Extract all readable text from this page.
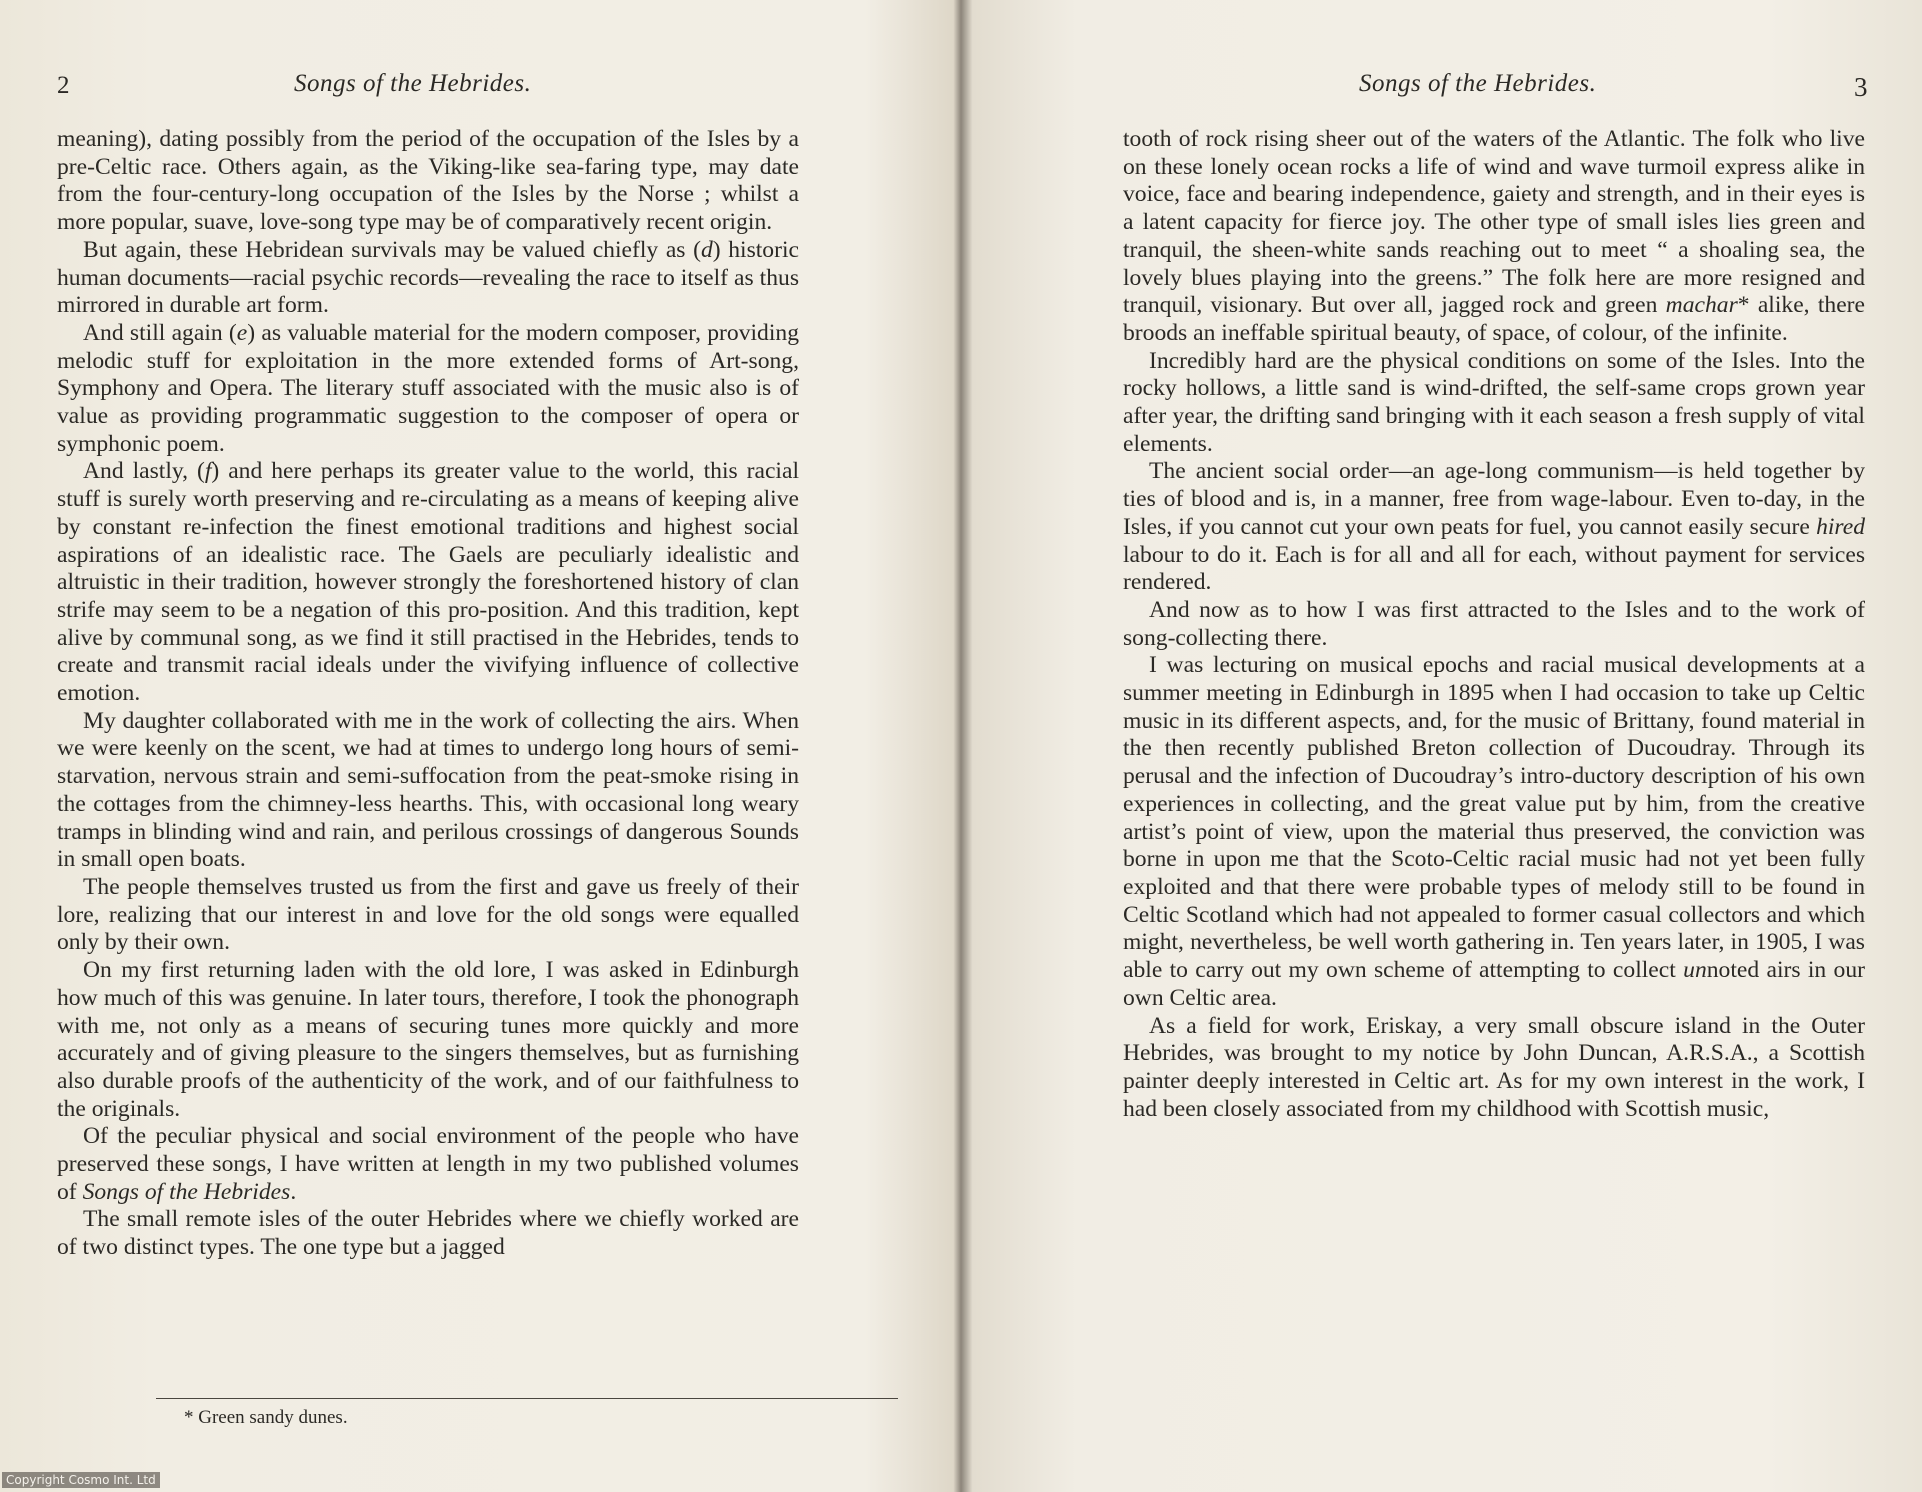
2	Songs of the Hebrides.

meaning), dating possibly from the period of the occupation of the Isles by a pre-Celtic race. Others again, as the Viking-like sea-faring type, may date from the four-century-long occupation of the Isles by the Norse ; whilst a more popular, suave, love-song type may be of comparatively recent origin.

But again, these Hebridean survivals may be valued chiefly as (d) historic human documents—racial psychic records—revealing the race to itself as thus mirrored in durable art form.

And still again (e) as valuable material for the modern composer, providing melodic stuff for exploitation in the more extended forms of Art-song, Symphony and Opera. The literary stuff associated with the music also is of value as providing programmatic suggestion to the composer of opera or symphonic poem.

And lastly, (f) and here perhaps its greater value to the world, this racial stuff is surely worth preserving and re-circulating as a means of keeping alive by constant re-infection the finest emotional traditions and highest social aspirations of an idealistic race. The Gaels are peculiarly idealistic and altruistic in their tradition, however strongly the foreshortened history of clan strife may seem to be a negation of this pro-position. And this tradition, kept alive by communal song, as we find it still practised in the Hebrides, tends to create and transmit racial ideals under the vivifying influence of collective emotion.

My daughter collaborated with me in the work of collecting the airs. When we were keenly on the scent, we had at times to undergo long hours of semi-starvation, nervous strain and semi-suffocation from the peat-smoke rising in the cottages from the chimney-less hearths. This, with occasional long weary tramps in blinding wind and rain, and perilous crossings of dangerous Sounds in small open boats.

The people themselves trusted us from the first and gave us freely of their lore, realizing that our interest in and love for the old songs were equalled only by their own.

On my first returning laden with the old lore, I was asked in Edinburgh how much of this was genuine. In later tours, therefore, I took the phonograph with me, not only as a means of securing tunes more quickly and more accurately and of giving pleasure to the singers themselves, but as furnishing also durable proofs of the authenticity of the work, and of our faithfulness to the originals.

Of the peculiar physical and social environment of the people who have preserved these songs, I have written at length in my two published volumes of Songs of the Hebrides.

The small remote isles of the outer Hebrides where we chiefly worked are of two distinct types. The one type but a jagged

Songs of the Hebrides.	3

tooth of rock rising sheer out of the waters of the Atlantic. The folk who live on these lonely ocean rocks a life of wind and wave turmoil express alike in voice, face and bearing independence, gaiety and strength, and in their eyes is a latent capacity for fierce joy. The other type of small isles lies green and tranquil, the sheen-white sands reaching out to meet “ a shoaling sea, the lovely blues playing into the greens.” The folk here are more resigned and tranquil, visionary. But over all, jagged rock and green machar* alike, there broods an ineffable spiritual beauty, of space, of colour, of the infinite.

Incredibly hard are the physical conditions on some of the Isles. Into the rocky hollows, a little sand is wind-drifted, the self-same crops grown year after year, the drifting sand bringing with it each season a fresh supply of vital elements.

The ancient social order—an age-long communism—is held together by ties of blood and is, in a manner, free from wage-labour. Even to-day, in the Isles, if you cannot cut your own peats for fuel, you cannot easily secure hired labour to do it. Each is for all and all for each, without payment for services rendered.

And now as to how I was first attracted to the Isles and to the work of song-collecting there.

I was lecturing on musical epochs and racial musical developments at a summer meeting in Edinburgh in 1895 when I had occasion to take up Celtic music in its different aspects, and, for the music of Brittany, found material in the then recently published Breton collection of Ducoudray. Through its perusal and the infection of Ducoudray’s intro-ductory description of his own experiences in collecting, and the great value put by him, from the creative artist’s point of view, upon the material thus preserved, the conviction was borne in upon me that the Scoto-Celtic racial music had not yet been fully exploited and that there were probable types of melody still to be found in Celtic Scotland which had not appealed to former casual collectors and which might, nevertheless, be well worth gathering in. Ten years later, in 1905, I was able to carry out my own scheme of attempting to collect unnoted airs in our own Celtic area.

As a field for work, Eriskay, a very small obscure island in the Outer Hebrides, was brought to my notice by John Duncan, A.R.S.A., a Scottish painter deeply interested in Celtic art. As for my own interest in the work, I had been closely associated from my childhood with Scottish music,

* Green sandy dunes.
Copyright Cosmo Int. Ltd
